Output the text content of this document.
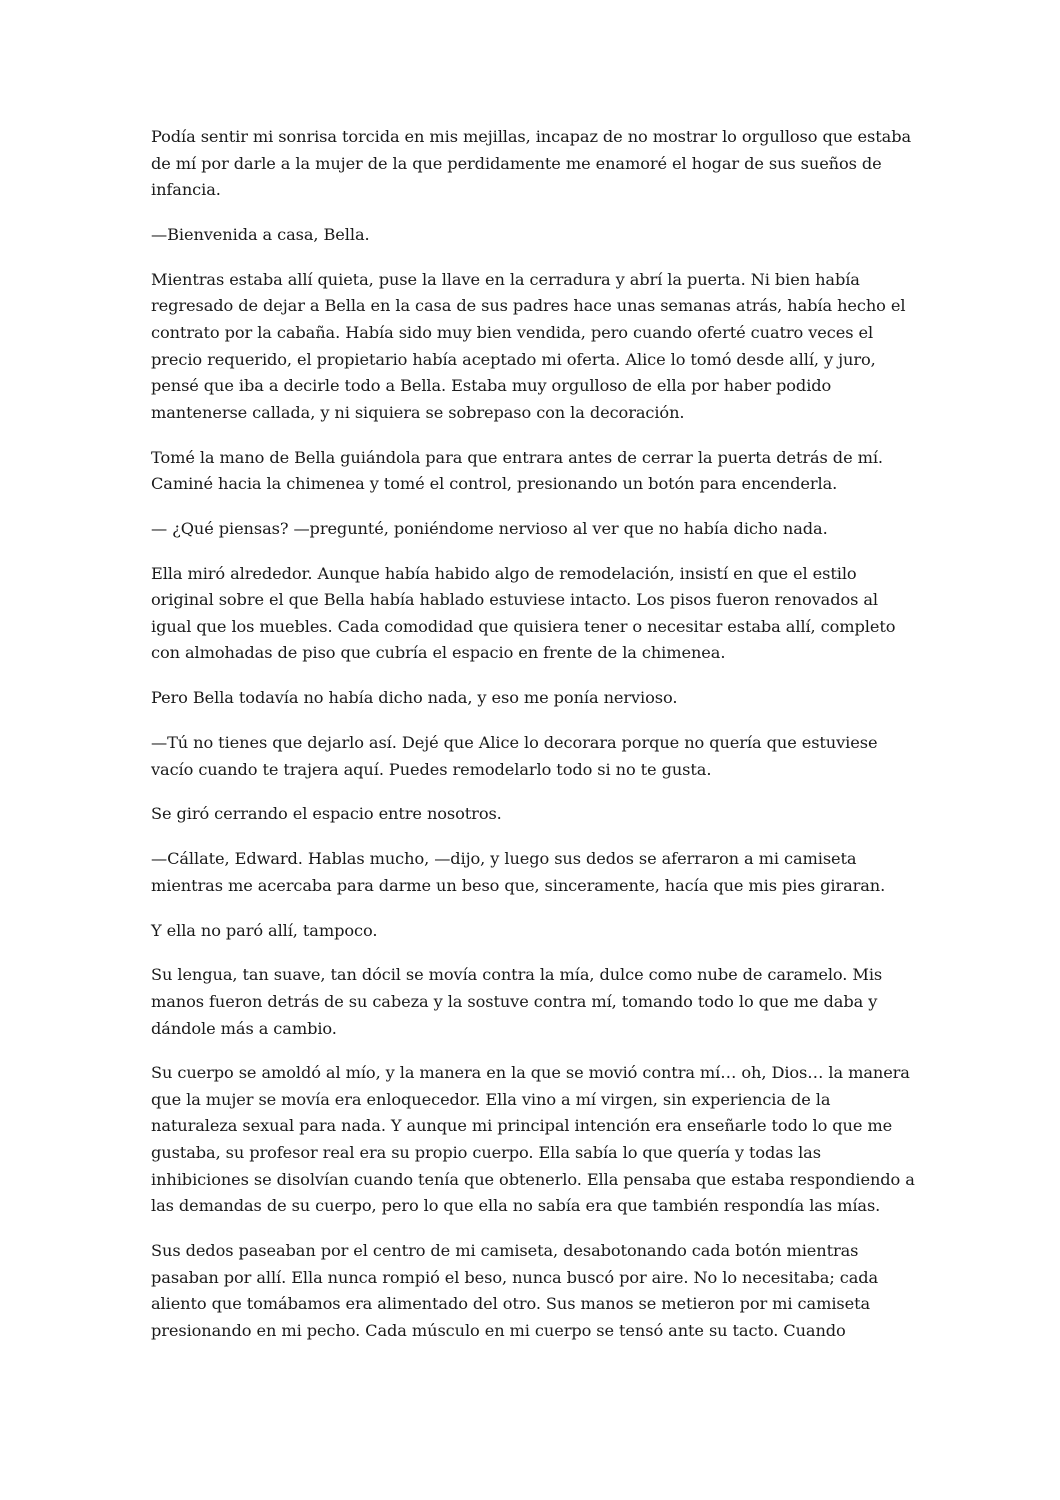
Podía sentir mi sonrisa torcida en mis mejillas, incapaz de no mostrar lo orgulloso que estaba de mí por darle a la mujer de la que perdidamente me enamoré el hogar de sus sueños de infancia.

—Bienvenida a casa, Bella.

Mientras estaba allí quieta, puse la llave en la cerradura y abrí la puerta. Ni bien había regresado de dejar a Bella en la casa de sus padres hace unas semanas atrás, había hecho el contrato por la cabaña. Había sido muy bien vendida, pero cuando oferté cuatro veces el precio requerido, el propietario había aceptado mi oferta. Alice lo tomó desde allí, y juro, pensé que iba a decirle todo a Bella. Estaba muy orgulloso de ella por haber podido mantenerse callada, y ni siquiera se sobrepaso con la decoración.

Tomé la mano de Bella guiándola para que entrara antes de cerrar la puerta detrás de mí. Caminé hacia la chimenea y tomé el control, presionando un botón para encenderla.

— ¿Qué piensas? —pregunté, poniéndome nervioso al ver que no había dicho nada.

Ella miró alrededor. Aunque había habido algo de remodelación, insistí en que el estilo original sobre el que Bella había hablado estuviese intacto. Los pisos fueron renovados al igual que los muebles. Cada comodidad que quisiera tener o necesitar estaba allí, completo con almohadas de piso que cubría el espacio en frente de la chimenea.

Pero Bella todavía no había dicho nada, y eso me ponía nervioso.

—Tú no tienes que dejarlo así. Dejé que Alice lo decorara porque no quería que estuviese vacío cuando te trajera aquí. Puedes remodelarlo todo si no te gusta.

Se giró cerrando el espacio entre nosotros.

—Cállate, Edward. Hablas mucho, —dijo, y luego sus dedos se aferraron a mi camiseta mientras me acercaba para darme un beso que, sinceramente, hacía que mis pies giraran.

Y ella no paró allí, tampoco.

Su lengua, tan suave, tan dócil se movía contra la mía, dulce como nube de caramelo. Mis manos fueron detrás de su cabeza y la sostuve contra mí, tomando todo lo que me daba y dándole más a cambio.

Su cuerpo se amoldó al mío, y la manera en la que se movió contra mí… oh, Dios… la manera que la mujer se movía era enloquecedor. Ella vino a mí virgen, sin experiencia de la naturaleza sexual para nada. Y aunque mi principal intención era enseñarle todo lo que me gustaba, su profesor real era su propio cuerpo. Ella sabía lo que quería y todas las inhibiciones se disolvían cuando tenía que obtenerlo. Ella pensaba que estaba respondiendo a las demandas de su cuerpo, pero lo que ella no sabía era que también respondía las mías.

Sus dedos paseaban por el centro de mi camiseta, desabotonando cada botón mientras pasaban por allí. Ella nunca rompió el beso, nunca buscó por aire. No lo necesitaba; cada aliento que tomábamos era alimentado del otro. Sus manos se metieron por mi camiseta presionando en mi pecho. Cada músculo en mi cuerpo se tensó ante su tacto. Cuando
